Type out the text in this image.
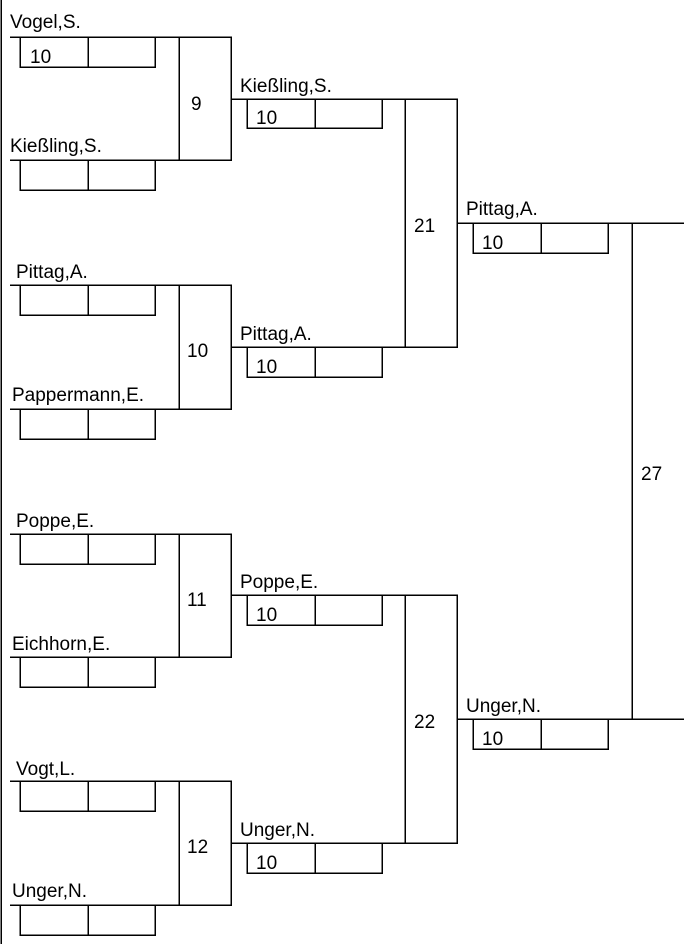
Vogel,S.
10
9
Kießling,S.
Pittag,A.
10
Pappermann,E.
Poppe,E.
11
Eichhorn,E.
Vogt,L.
12
Unger,N.
Kießling,S.
10
21
Pittag,A.
10
Poppe,E.
10
22
Unger,N.
10
Pittag,A.
10
27
Unger,N.
10
